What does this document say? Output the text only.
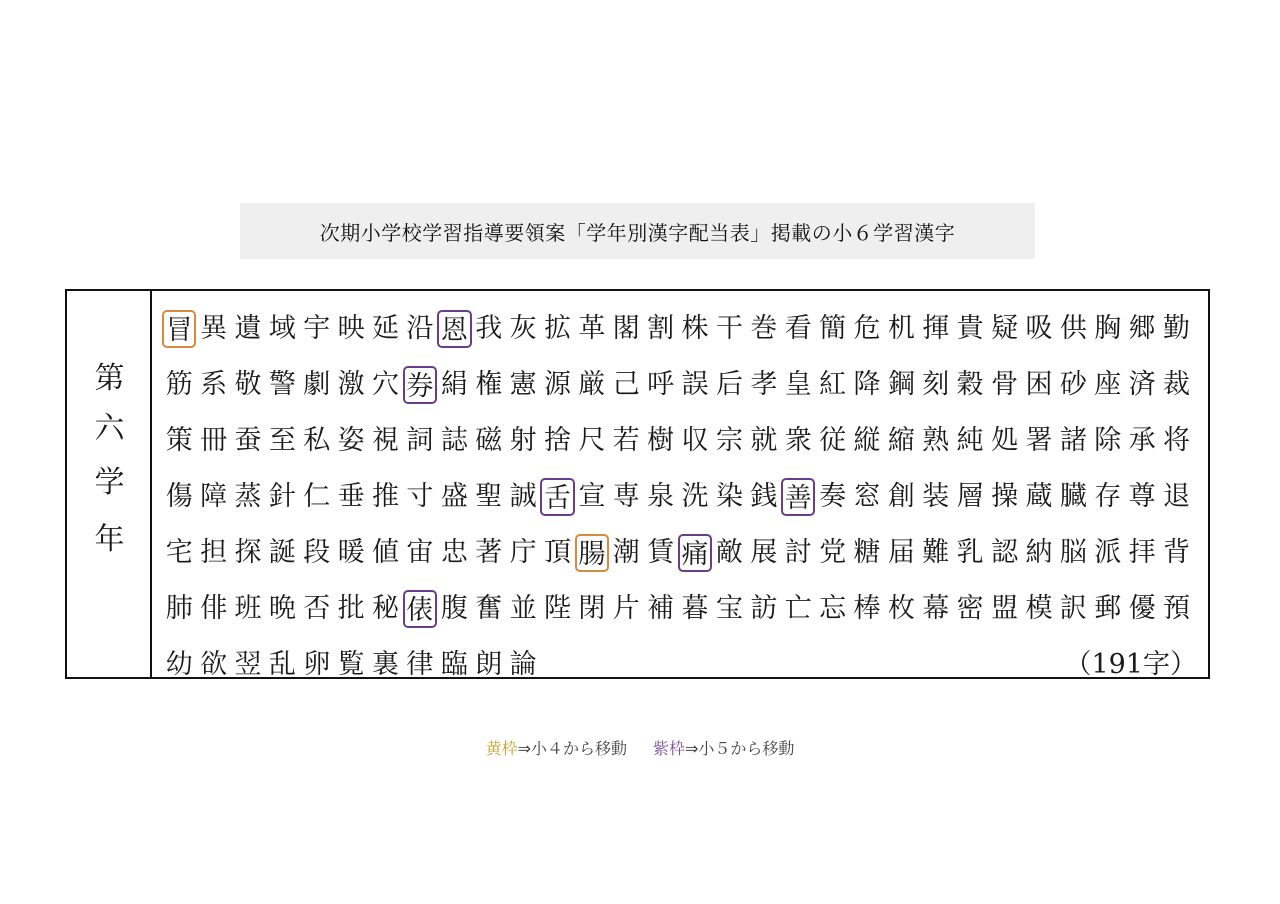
次期小学校学習指導要領案「学年別漢字配当表」掲載の小６学習漢字
第
六
学
年
冒 異 遺 域 宇 映 延 沿 恩 我 灰 拡 革 閣 割 株 干 巻 看 簡 危 机 揮 貴 疑 吸 供 胸 郷 勤
筋 系 敬 警 劇 激 穴 券 絹 権 憲 源 厳 己 呼 誤 后 孝 皇 紅 降 鋼 刻 穀 骨 困 砂 座 済 裁
策 冊 蚕 至 私 姿 視 詞 誌 磁 射 捨 尺 若 樹 収 宗 就 衆 従 縦 縮 熟 純 処 署 諸 除 承 将
傷 障 蒸 針 仁 垂 推 寸 盛 聖 誠 舌 宣 専 泉 洗 染 銭 善 奏 窓 創 装 層 操 蔵 臓 存 尊 退
宅 担 探 誕 段 暖 値 宙 忠 著 庁 頂 腸 潮 賃 痛 敵 展 討 党 糖 届 難 乳 認 納 脳 派 拝 背
肺 俳 班 晩 否 批 秘 俵 腹 奮 並 陛 閉 片 補 暮 宝 訪 亡 忘 棒 枚 幕 密 盟 模 訳 郵 優 預
幼 欲 翌 乱 卵 覧 裏 律 臨 朗 論	（191字）
黄枠⇒小４から移動 紫枠⇒小５から移動
